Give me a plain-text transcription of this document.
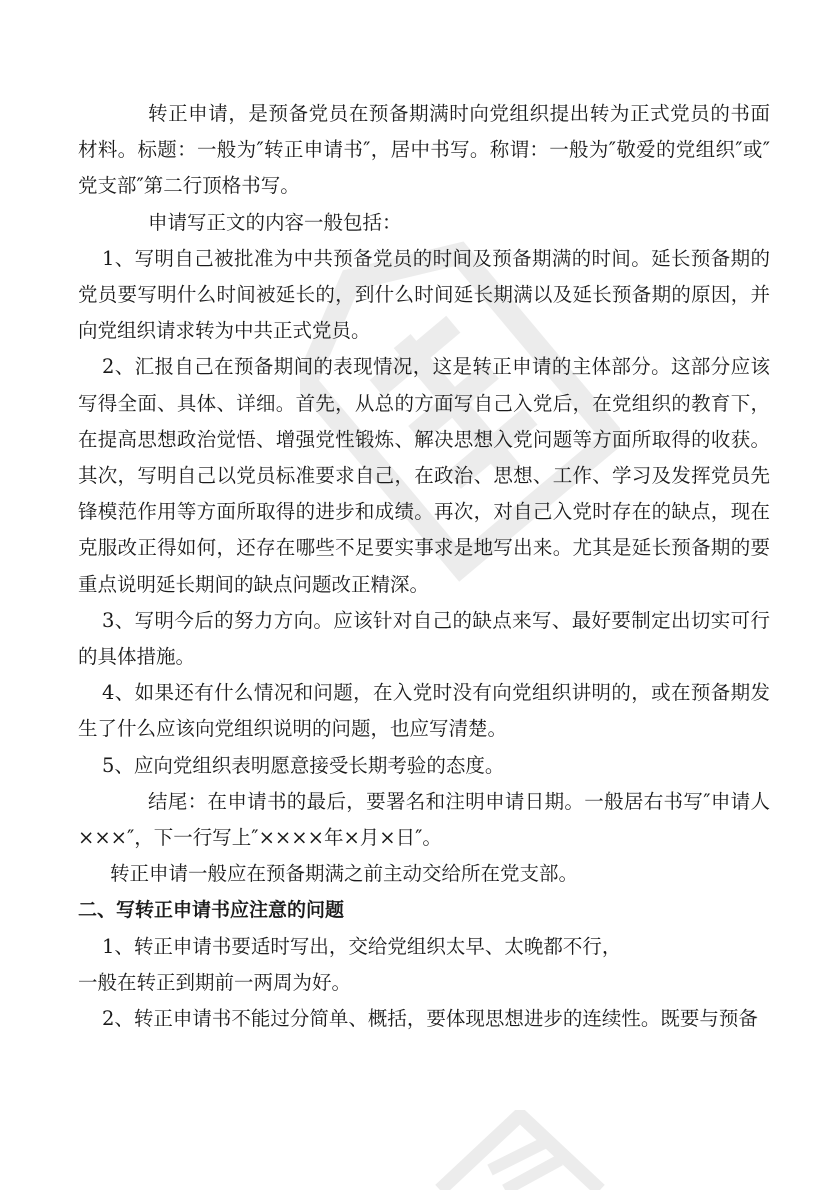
转正申请，是预备党员在预备期满时向党组织提出转为正式党员的书面材料。标题：一般为″转正申请书″，居中书写。称谓：一般为″敬爱的党组织″或″党支部″第二行顶格书写。

申请写正文的内容一般包括：

1、写明自己被批准为中共预备党员的时间及预备期满的时间。延长预备期的党员要写明什么时间被延长的，到什么时间延长期满以及延长预备期的原因，并向党组织请求转为中共正式党员。

2、汇报自己在预备期间的表现情况，这是转正申请的主体部分。这部分应该写得全面、具体、详细。首先，从总的方面写自己入党后，在党组织的教育下，在提高思想政治觉悟、增强党性锻炼、解决思想入党问题等方面所取得的收获。其次，写明自己以党员标准要求自己，在政治、思想、工作、学习及发挥党员先锋模范作用等方面所取得的进步和成绩。再次，对自己入党时存在的缺点，现在克服改正得如何，还存在哪些不足要实事求是地写出来。尤其是延长预备期的要重点说明延长期间的缺点问题改正精深。

3、写明今后的努力方向。应该针对自己的缺点来写、最好要制定出切实可行的具体措施。

4、如果还有什么情况和问题，在入党时没有向党组织讲明的，或在预备期发生了什么应该向党组织说明的问题，也应写清楚。

5、应向党组织表明愿意接受长期考验的态度。

结尾：在申请书的最后，要署名和注明申请日期。一般居右书写″申请人×××″，下一行写上″××××年×月×日″。

转正申请一般应在预备期满之前主动交给所在党支部。

二、写转正申请书应注意的问题

1、转正申请书要适时写出，交给党组织太早、太晚都不行，

一般在转正到期前一两周为好。

2、转正申请书不能过分简单、概括，要体现思想进步的连续性。既要与预备
